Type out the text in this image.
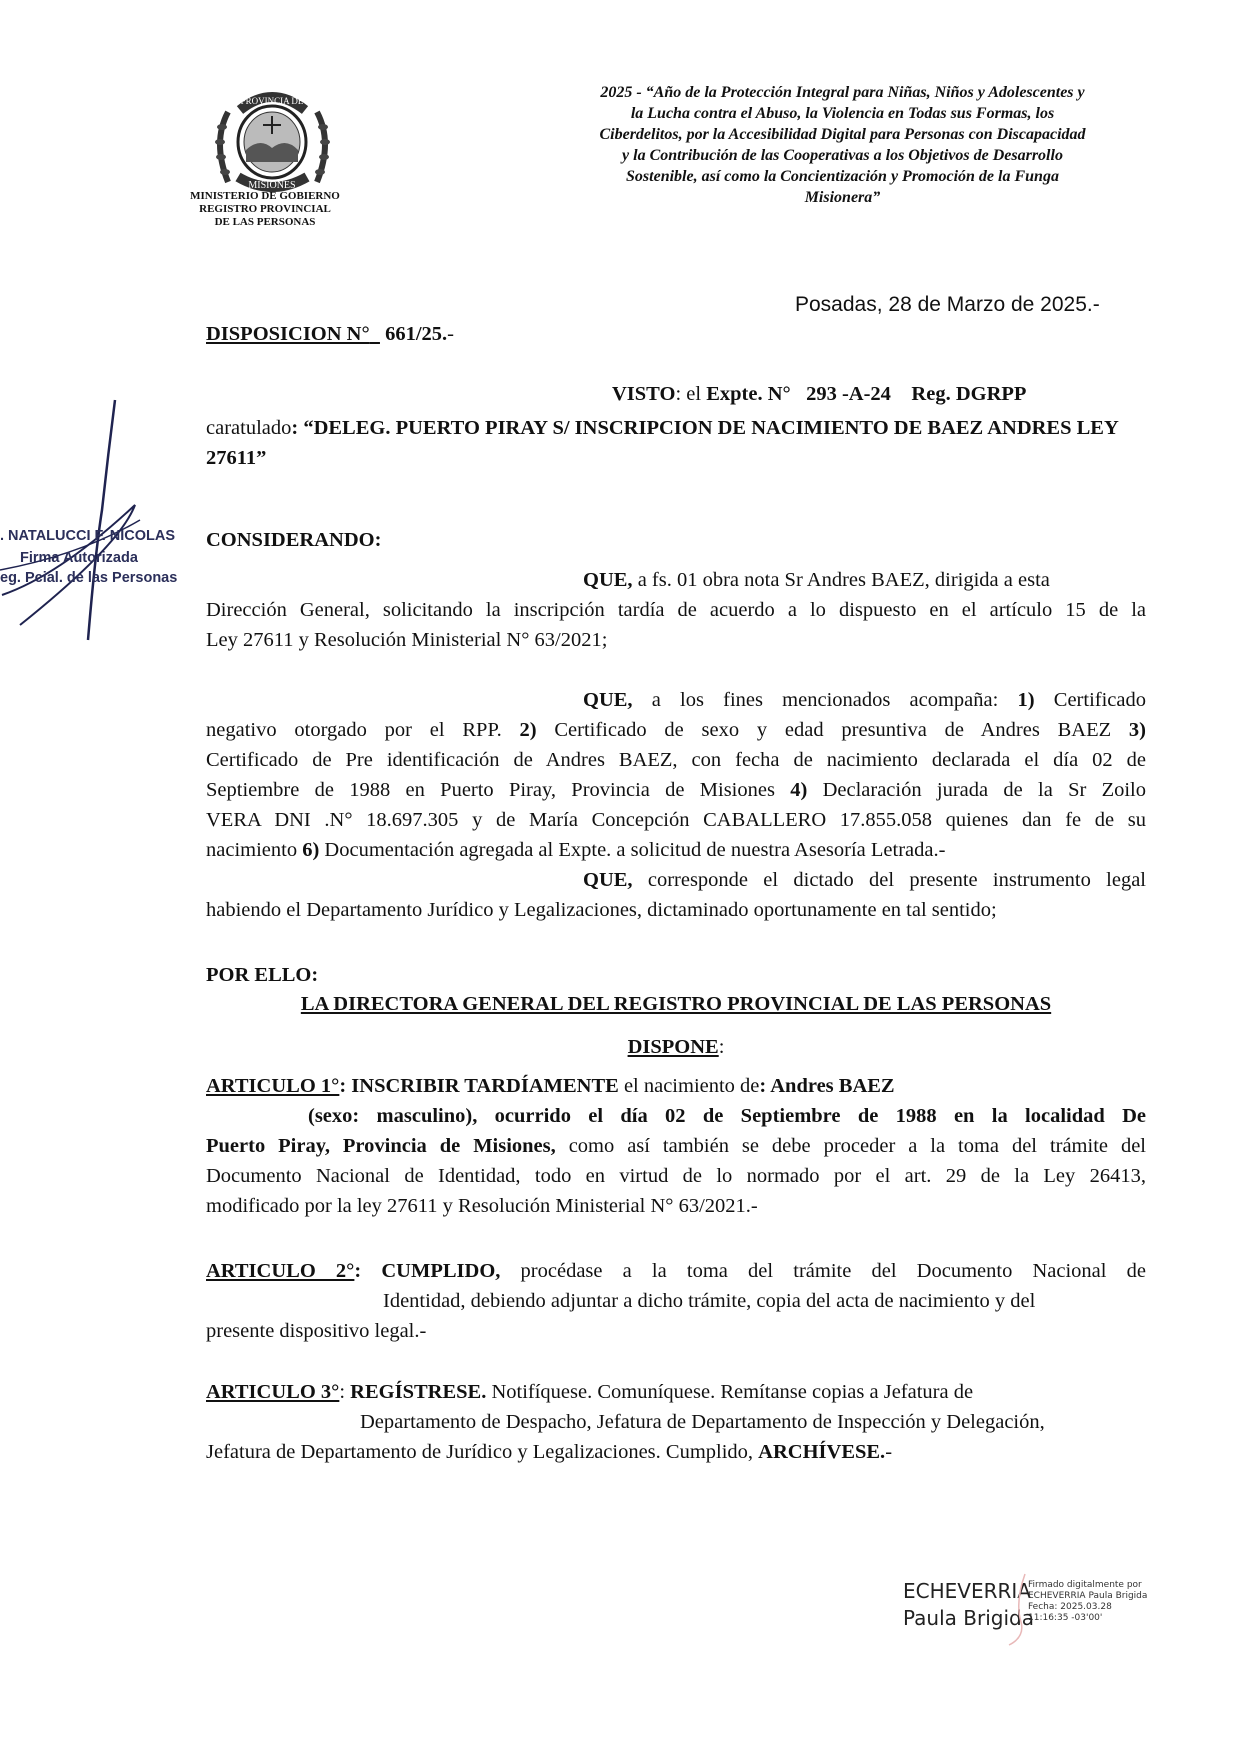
PROVINCIA DE
MISIONES
MINISTERIO DE GOBIERNO
REGISTRO PROVINCIAL
DE LAS PERSONAS
2025 - “Año de la Protección Integral para Niñas, Niños y Adolescentes y
la Lucha contra el Abuso, la Violencia en Todas sus Formas, los
Ciberdelitos, por la Accesibilidad Digital para Personas con Discapacidad
y la Contribución de las Cooperativas a los Objetivos de Desarrollo
Sostenible, así como la Concientización y Promoción de la Funga
Misionera”
Posadas, 28 de Marzo de 2025.-
DISPOSICION N° 661/25.-
VISTO: el Expte. N° 293 -A-24 Reg. DGRPP
caratulado: “DELEG. PUERTO PIRAY S/ INSCRIPCION DE NACIMIENTO DE BAEZ ANDRES LEY 27611”
CONSIDERANDO:
QUE, a fs. 01 obra nota Sr Andres BAEZ, dirigida a esta
Dirección General, solicitando la inscripción tardía de acuerdo a lo dispuesto en el artículo 15 de la
Ley 27611 y Resolución Ministerial N° 63/2021;
QUE, a los fines mencionados acompaña: 1) Certificado
negativo otorgado por el RPP. 2) Certificado de sexo y edad presuntiva de Andres BAEZ 3)
Certificado de Pre identificación de Andres BAEZ, con fecha de nacimiento declarada el día 02 de
Septiembre de 1988 en Puerto Piray, Provincia de Misiones 4) Declaración jurada de la Sr Zoilo
VERA DNI .N° 18.697.305 y de María Concepción CABALLERO 17.855.058 quienes dan fe de su
nacimiento 6) Documentación agregada al Expte. a solicitud de nuestra Asesoría Letrada.-
QUE, corresponde el dictado del presente instrumento legal
habiendo el Departamento Jurídico y Legalizaciones, dictaminado oportunamente en tal sentido;
POR ELLO:
LA DIRECTORA GENERAL DEL REGISTRO PROVINCIAL DE LAS PERSONAS
DISPONE:
ARTICULO 1°: INSCRIBIR TARDÍAMENTE el nacimiento de: Andres BAEZ
(sexo: masculino), ocurrido el día 02 de Septiembre de 1988 en la localidad De
Puerto Piray, Provincia de Misiones, como así también se debe proceder a la toma del trámite del
Documento Nacional de Identidad, todo en virtud de lo normado por el art. 29 de la Ley 26413,
modificado por la ley 27611 y Resolución Ministerial N° 63/2021.-
ARTICULO 2°: CUMPLIDO, procédase a la toma del trámite del Documento Nacional de
Identidad, debiendo adjuntar a dicho trámite, copia del acta de nacimiento y del
presente dispositivo legal.-
ARTICULO 3°: REGÍSTRESE. Notifíquese. Comuníquese. Remítanse copias a Jefatura de
Departamento de Despacho, Jefatura de Departamento de Inspección y Delegación,
Jefatura de Departamento de Jurídico y Legalizaciones. Cumplido, ARCHÍVESE.-
. NATALUCCI F. NICOLAS
Firma Autorizada
eg. Pcial. de las Personas
ECHEVERRIA
Paula Brigida
Firmado digitalmente por
ECHEVERRIA Paula Brigida
Fecha: 2025.03.28
11:16:35 -03'00'
